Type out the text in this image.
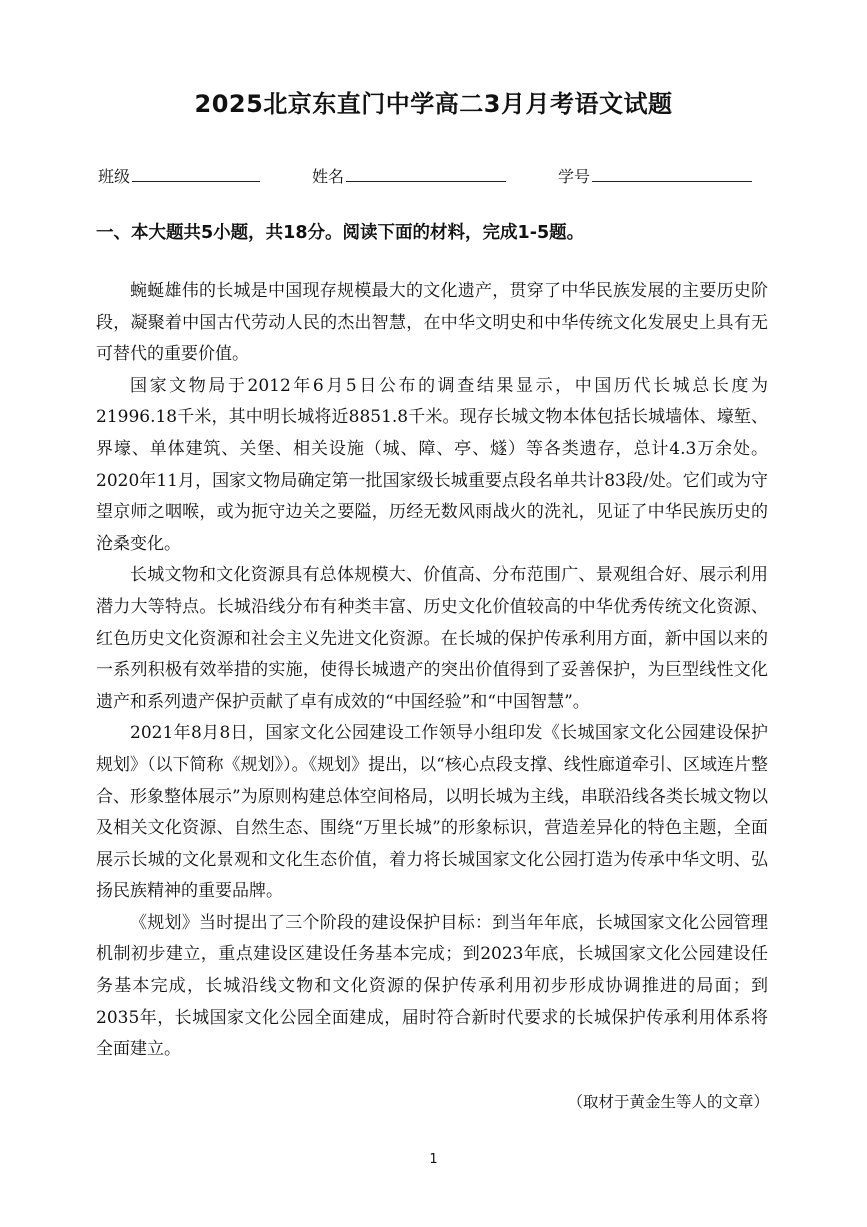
2025北京东直门中学高二3月月考语文试题
班级	姓名	学号
一、本大题共5小题，共18分。阅读下面的材料，完成1-5题。

蜿蜒雄伟的长城是中国现存规模最大的文化遗产，贯穿了中华民族发展的主要历史阶段，凝聚着中国古代劳动人民的杰出智慧，在中华文明史和中华传统文化发展史上具有无可替代的重要价值。

国家文物局于2012年6月5日公布的调查结果显示，中国历代长城总长度为21996.18千米，其中明长城将近8851.8千米。现存长城文物本体包括长城墙体、壕堑、界壕、单体建筑、关堡、相关设施（城、障、亭、燧）等各类遗存，总计4.3万余处。2020年11月，国家文物局确定第一批国家级长城重要点段名单共计83段/处。它们或为守望京师之咽喉，或为扼守边关之要隘，历经无数风雨战火的洗礼，见证了中华民族历史的沧桑变化。

长城文物和文化资源具有总体规模大、价值高、分布范围广、景观组合好、展示利用潜力大等特点。长城沿线分布有种类丰富、历史文化价值较高的中华优秀传统文化资源、红色历史文化资源和社会主义先进文化资源。在长城的保护传承利用方面，新中国以来的一系列积极有效举措的实施，使得长城遗产的突出价值得到了妥善保护，为巨型线性文化遗产和系列遗产保护贡献了卓有成效的“中国经验”和“中国智慧”。

2021年8月8日，国家文化公园建设工作领导小组印发《长城国家文化公园建设保护规划》（以下简称《规划》）。《规划》提出，以“核心点段支撑、线性廊道牵引、区域连片整合、形象整体展示”为原则构建总体空间格局，以明长城为主线，串联沿线各类长城文物以及相关文化资源、自然生态、围绕“万里长城”的形象标识，营造差异化的特色主题，全面展示长城的文化景观和文化生态价值，着力将长城国家文化公园打造为传承中华文明、弘扬民族精神的重要品牌。

《规划》当时提出了三个阶段的建设保护目标：到当年年底，长城国家文化公园管理机制初步建立，重点建设区建设任务基本完成；到2023年底，长城国家文化公园建设任务基本完成，长城沿线文物和文化资源的保护传承利用初步形成协调推进的局面；到2035年，长城国家文化公园全面建成，届时符合新时代要求的长城保护传承利用体系将全面建立。

（取材于黄金生等人的文章）
1
